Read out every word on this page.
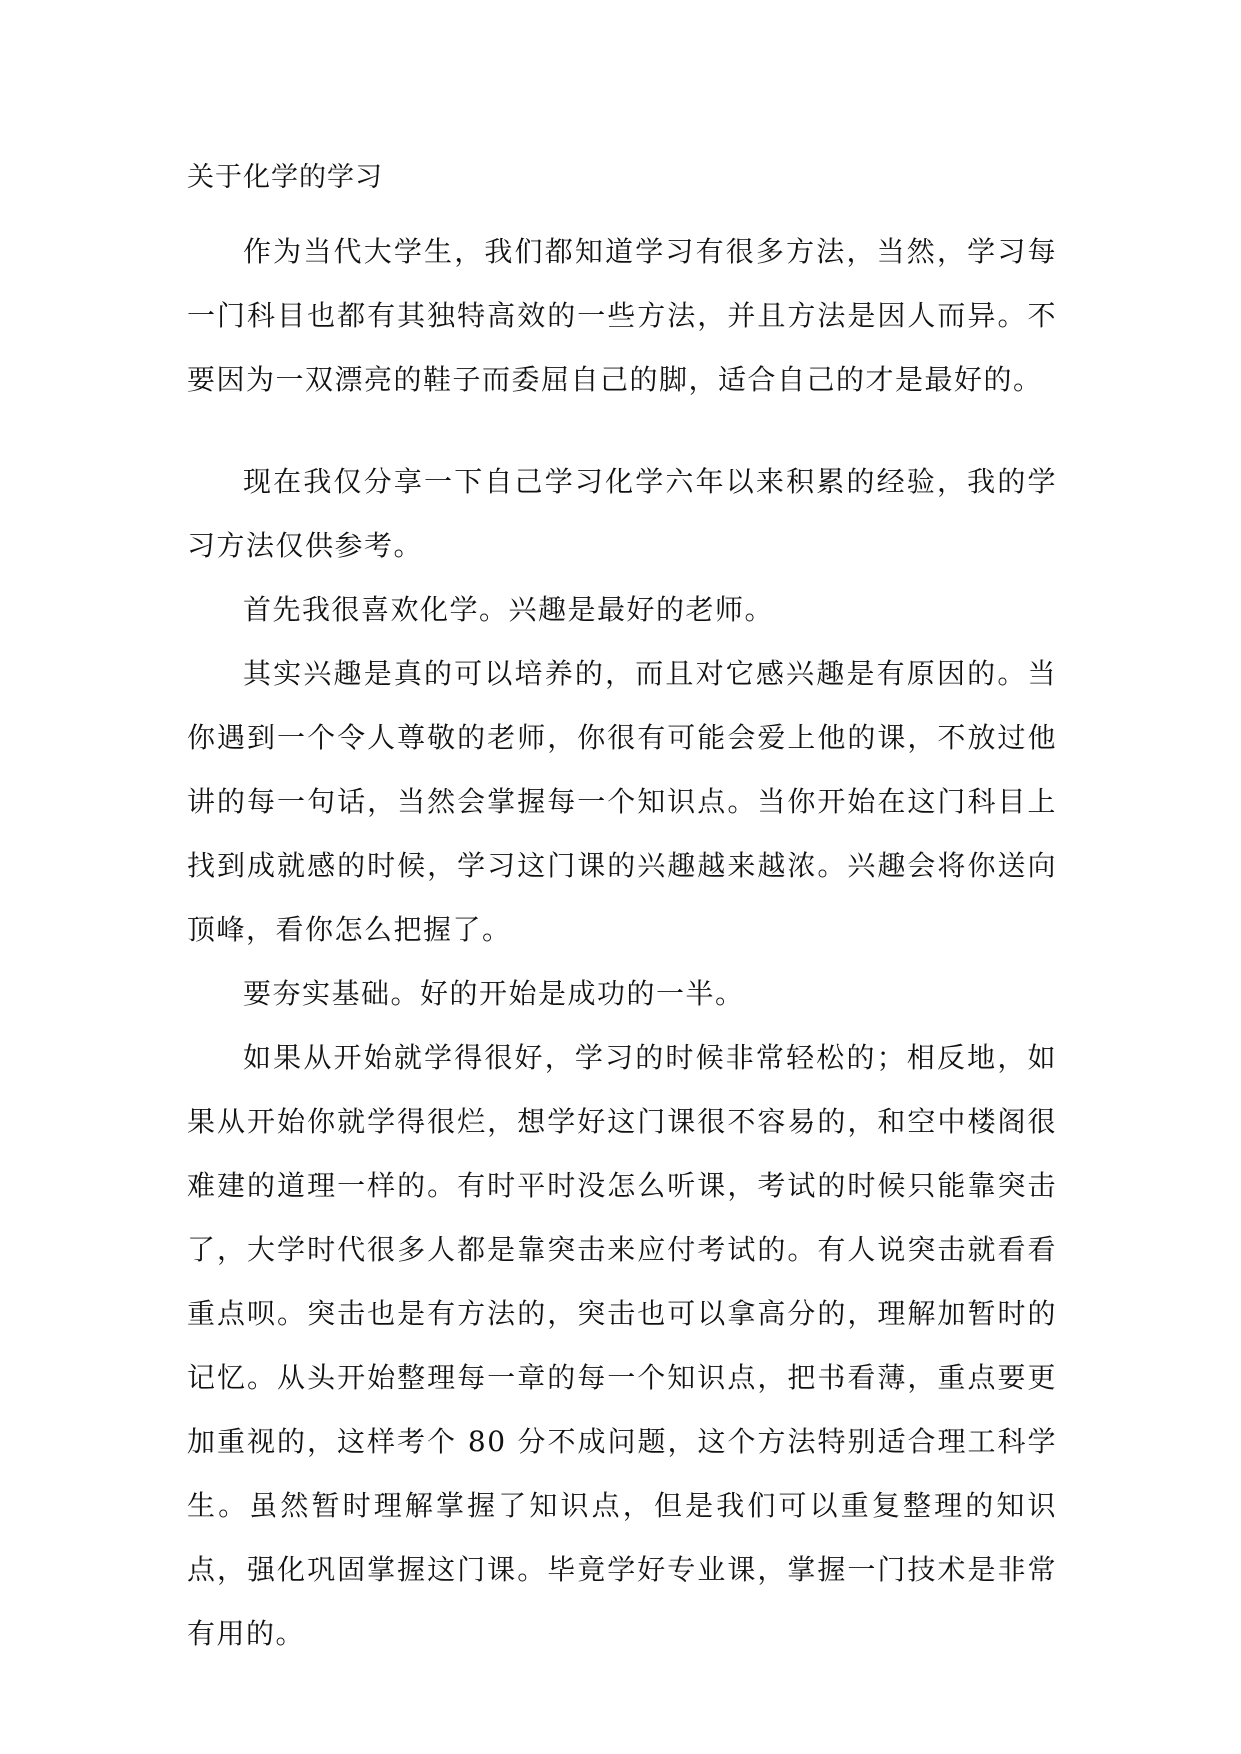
关于化学的学习

作为当代大学生，我们都知道学习有很多方法，当然，学习每一门科目也都有其独特高效的一些方法，并且方法是因人而异。不要因为一双漂亮的鞋子而委屈自己的脚，适合自己的才是最好的。

现在我仅分享一下自己学习化学六年以来积累的经验，我的学习方法仅供参考。

首先我很喜欢化学。兴趣是最好的老师。

其实兴趣是真的可以培养的，而且对它感兴趣是有原因的。当你遇到一个令人尊敬的老师，你很有可能会爱上他的课，不放过他讲的每一句话，当然会掌握每一个知识点。当你开始在这门科目上找到成就感的时候，学习这门课的兴趣越来越浓。兴趣会将你送向顶峰，看你怎么把握了。

要夯实基础。好的开始是成功的一半。

如果从开始就学得很好，学习的时候非常轻松的；相反地，如果从开始你就学得很烂，想学好这门课很不容易的，和空中楼阁很难建的道理一样的。有时平时没怎么听课，考试的时候只能靠突击了，大学时代很多人都是靠突击来应付考试的。有人说突击就看看重点呗。突击也是有方法的，突击也可以拿高分的，理解加暂时的记忆。从头开始整理每一章的每一个知识点，把书看薄，重点要更加重视的，这样考个 80 分不成问题，这个方法特别适合理工科学生。虽然暂时理解掌握了知识点，但是我们可以重复整理的知识点，强化巩固掌握这门课。毕竟学好专业课，掌握一门技术是非常有用的。
